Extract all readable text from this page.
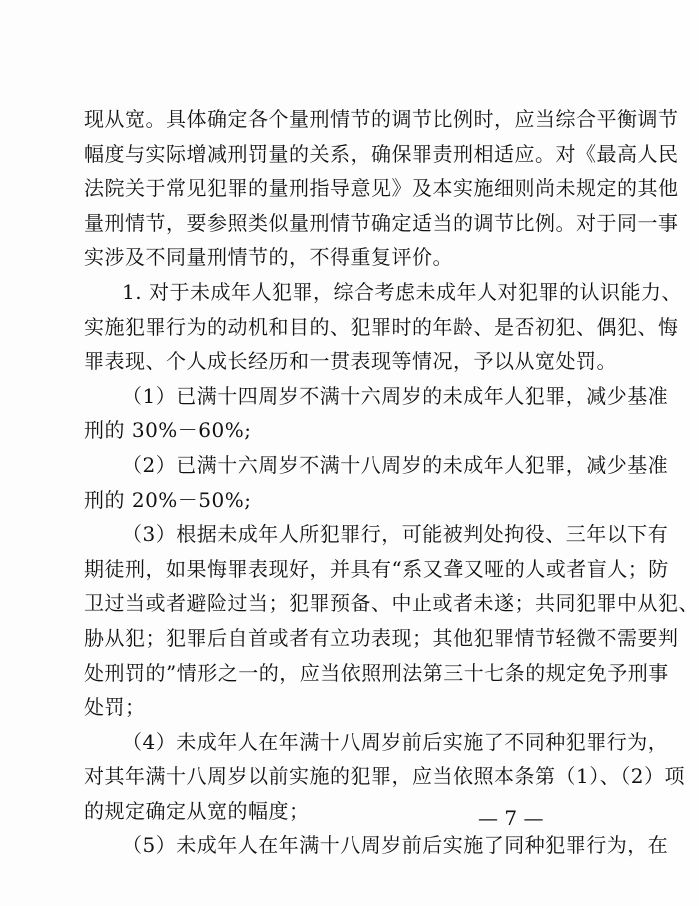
现从宽。具体确定各个量刑情节的调节比例时，应当综合平衡调节
幅度与实际增减刑罚量的关系，确保罪责刑相适应。对《最高人民
法院关于常见犯罪的量刑指导意见》及本实施细则尚未规定的其他
量刑情节，要参照类似量刑情节确定适当的调节比例。对于同一事
实涉及不同量刑情节的，不得重复评价。
1. 对于未成年人犯罪，综合考虑未成年人对犯罪的认识能力、
实施犯罪行为的动机和目的、犯罪时的年龄、是否初犯、偶犯、悔
罪表现、个人成长经历和一贯表现等情况，予以从宽处罚。
（1）已满十四周岁不满十六周岁的未成年人犯罪，减少基准
刑的 30%－60%;
（2）已满十六周岁不满十八周岁的未成年人犯罪，减少基准
刑的 20%－50%;
（3）根据未成年人所犯罪行，可能被判处拘役、三年以下有
期徒刑，如果悔罪表现好，并具有“系又聋又哑的人或者盲人；防
卫过当或者避险过当；犯罪预备、中止或者未遂；共同犯罪中从犯、
胁从犯；犯罪后自首或者有立功表现；其他犯罪情节轻微不需要判
处刑罚的”情形之一的，应当依照刑法第三十七条的规定免予刑事
处罚；
（4）未成年人在年满十八周岁前后实施了不同种犯罪行为，
对其年满十八周岁以前实施的犯罪，应当依照本条第（1）、（2）项
的规定确定从宽的幅度；
（5）未成年人在年满十八周岁前后实施了同种犯罪行为，在
— 7 —
